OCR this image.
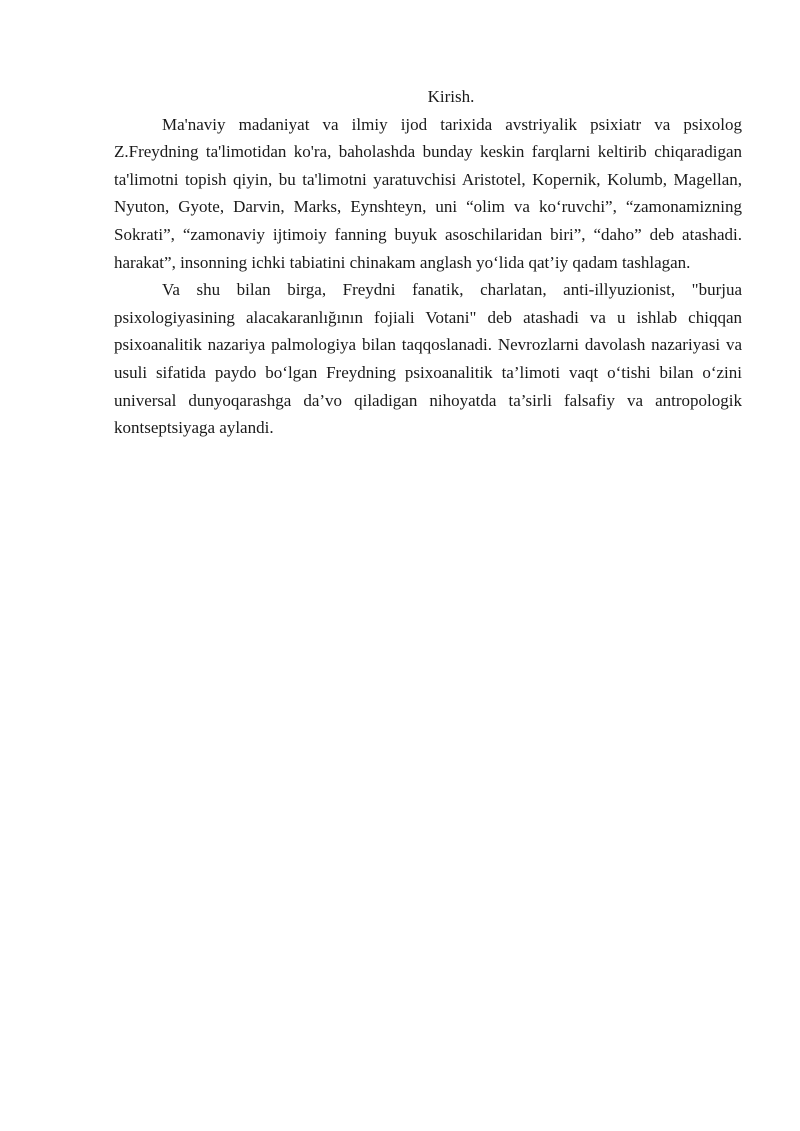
Kirish.

Ma'naviy madaniyat va ilmiy ijod tarixida avstriyalik psixiatr va psixolog Z.Freydning ta'limotidan ko'ra, baholashda bunday keskin farqlarni keltirib chiqaradigan ta'limotni topish qiyin, bu ta'limotni yaratuvchisi Aristotel, Kopernik, Kolumb, Magellan, Nyuton, Gyote, Darvin, Marks, Eynshteyn, uni “olim va ko‘ruvchi”, “zamonamizning Sokrati”, “zamonaviy ijtimoiy fanning buyuk asoschilaridan biri”, “daho” deb atashadi. harakat”, insonning ichki tabiatini chinakam anglash yo‘lida qat’iy qadam tashlagan.

Va shu bilan birga, Freydni fanatik, charlatan, anti-illyuzionist, "burjua psixologiyasining alacakaranlığının fojiali Votani" deb atashadi va u ishlab chiqqan psixoanalitik nazariya palmologiya bilan taqqoslanadi. Nevrozlarni davolash nazariyasi va usuli sifatida paydo bo‘lgan Freydning psixoanalitik ta’limoti vaqt o‘tishi bilan o‘zini universal dunyoqarashga da’vo qiladigan nihoyatda ta’sirli falsafiy va antropologik kontseptsiyaga aylandi.
